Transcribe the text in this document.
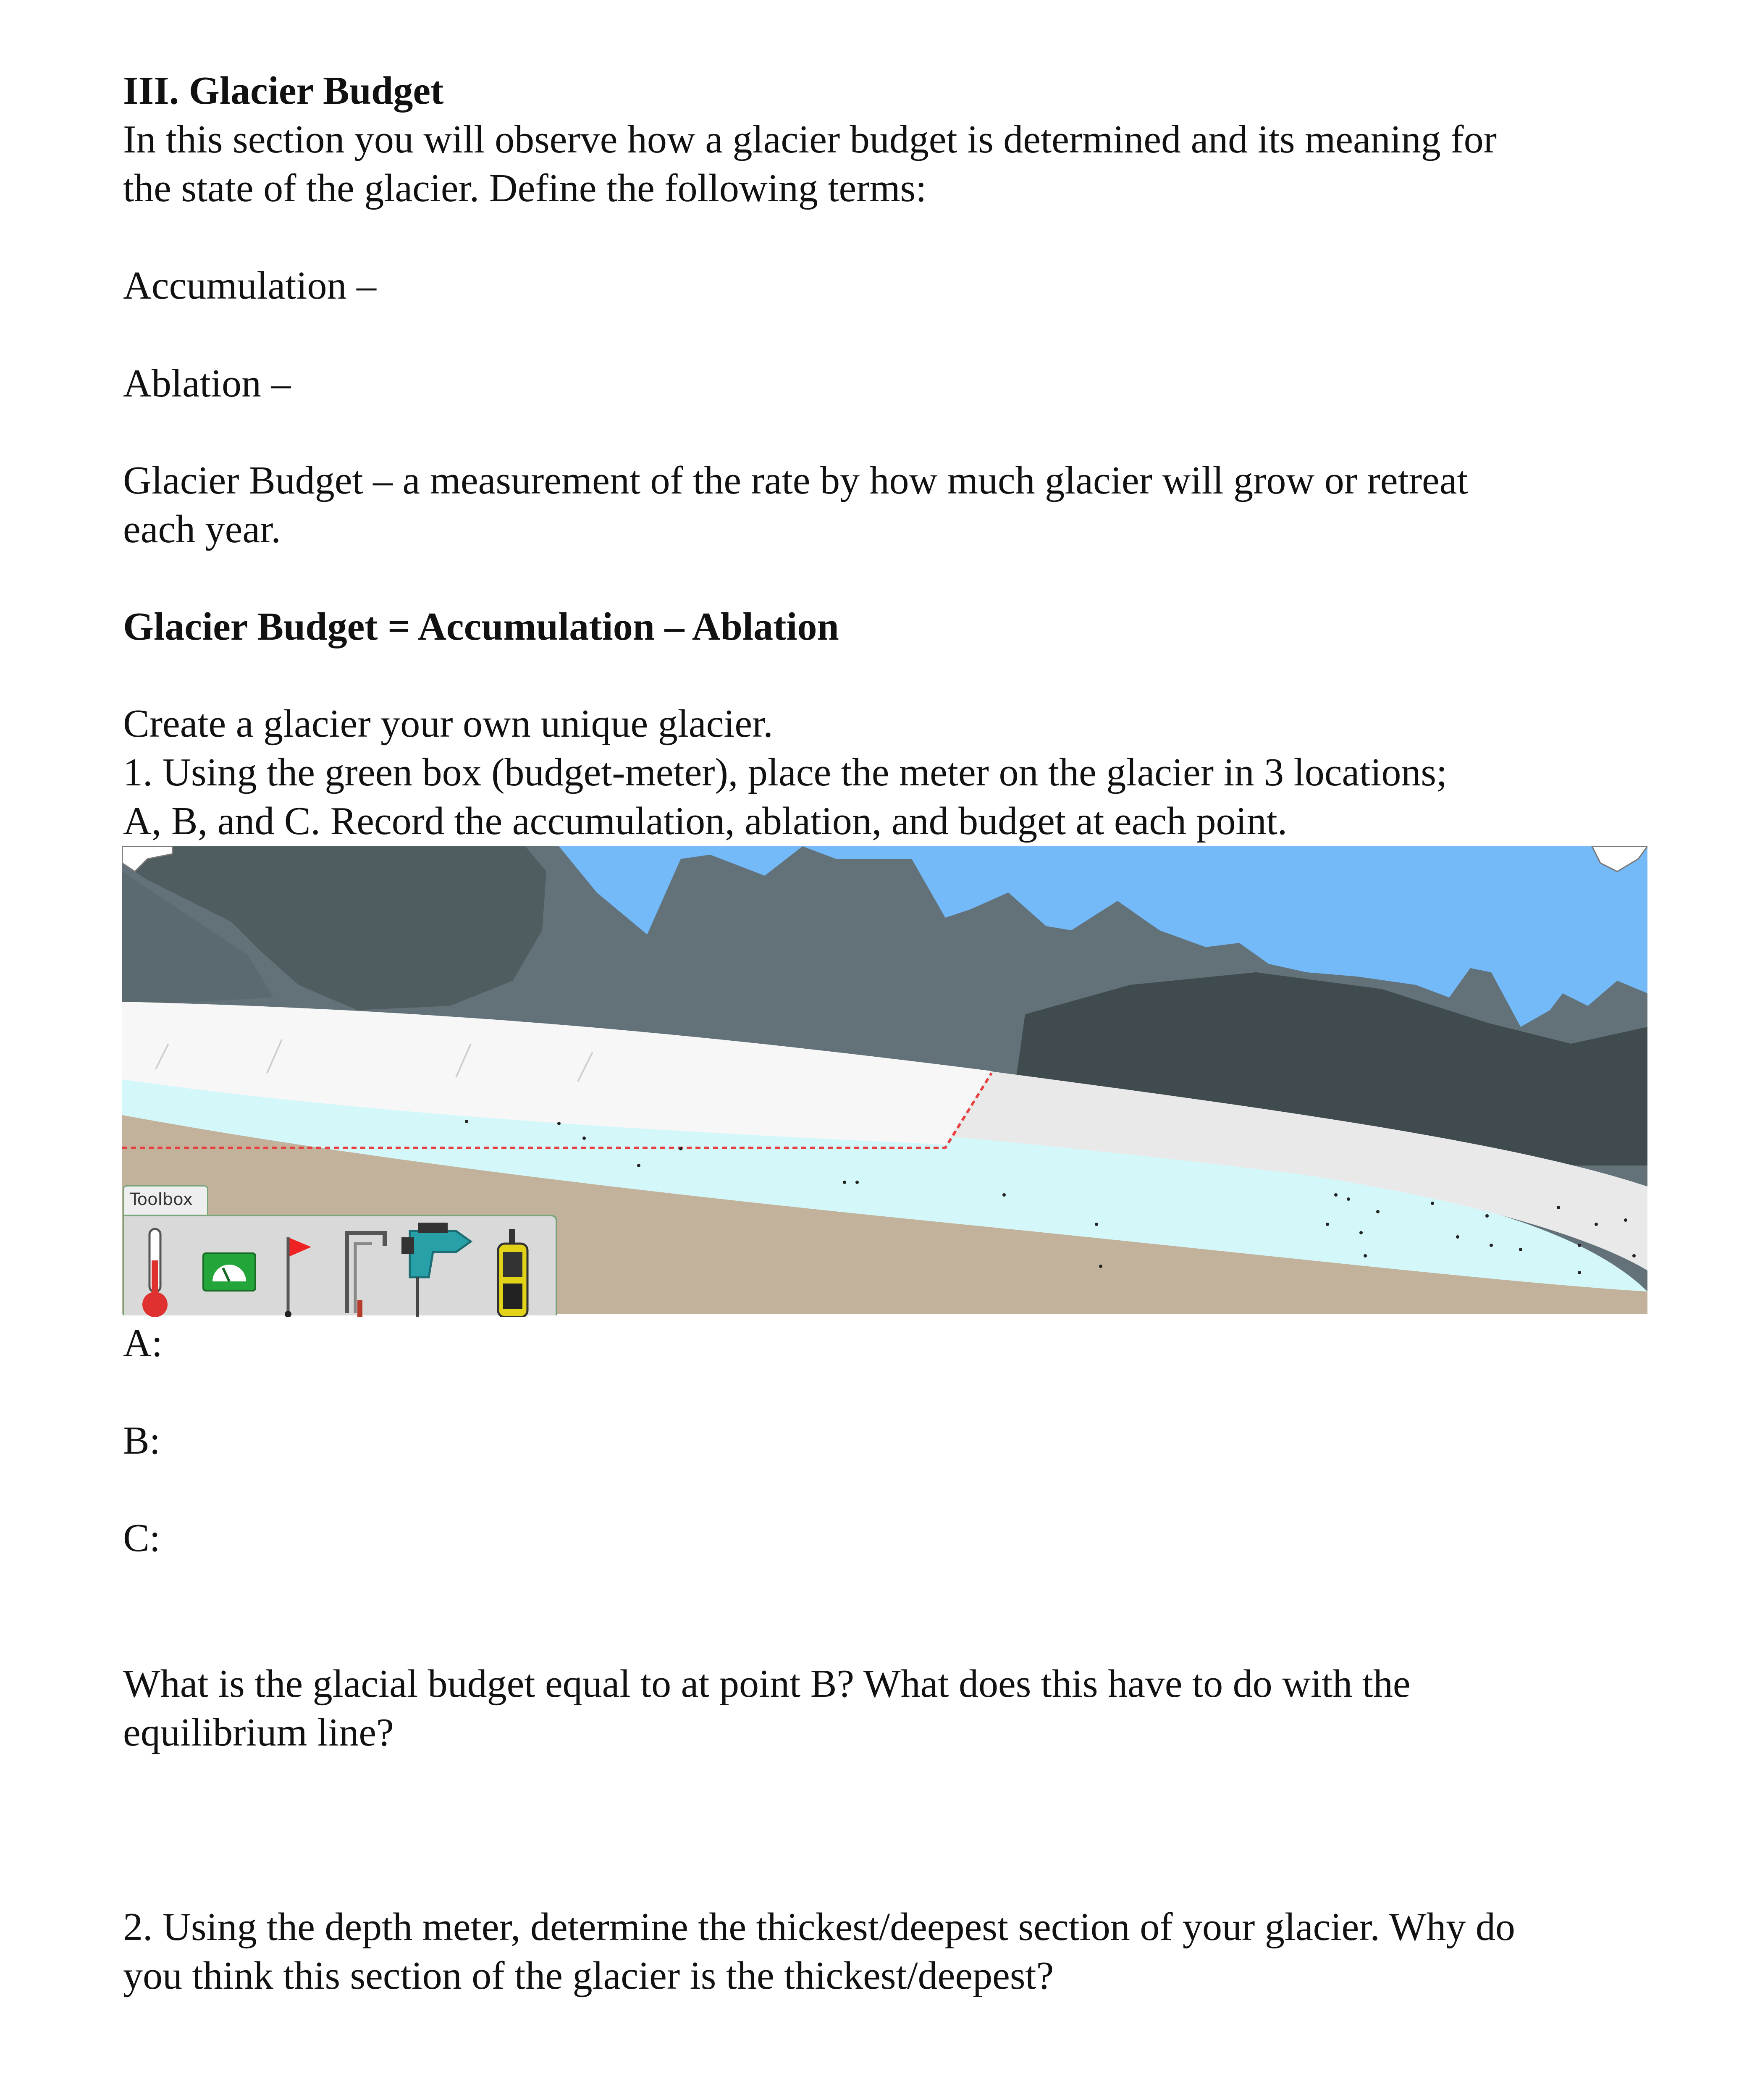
III. Glacier Budget
In this section you will observe how a glacier budget is determined and its meaning for
the state of the glacier. Define the following terms:
Accumulation –
Ablation –
Glacier Budget – a measurement of the rate by how much glacier will grow or retreat
each year.
Glacier Budget = Accumulation – Ablation
Create a glacier your own unique glacier.
1. Using the green box (budget-meter), place the meter on the glacier in 3 locations;
A, B, and C. Record the accumulation, ablation, and budget at each point.
Toolbox
A:
B:
C:
What is the glacial budget equal to at point B? What does this have to do with the
equilibrium line?
2. Using the depth meter, determine the thickest/deepest section of your glacier. Why do
you think this section of the glacier is the thickest/deepest?
